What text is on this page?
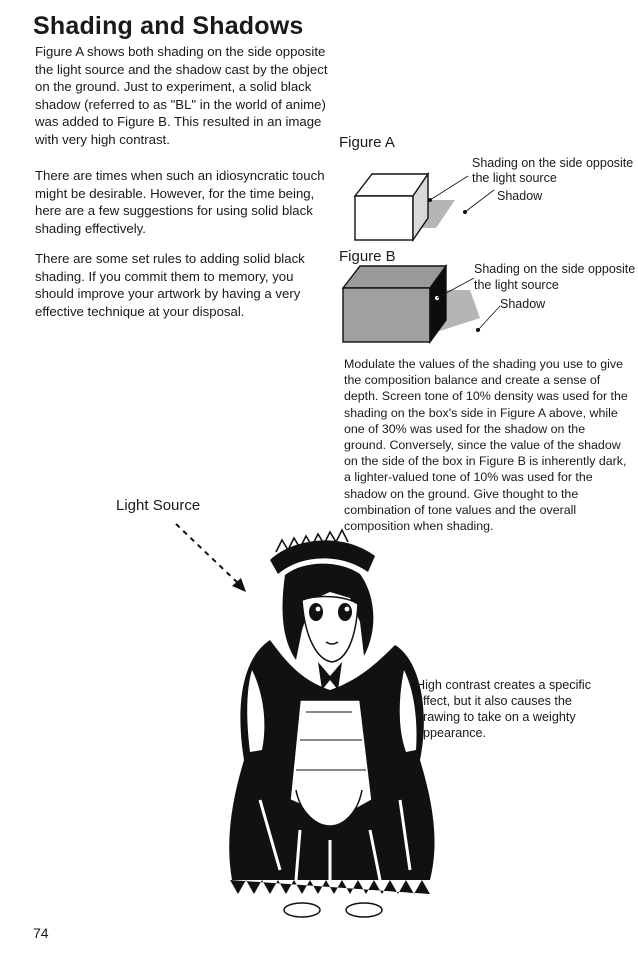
Shading and Shadows
Figure A shows both shading on the side opposite the light source and the shadow cast by the object on the ground. Just to experiment, a solid black shadow (referred to as "BL" in the world of anime) was added to Figure B. This resulted in an image with very high contrast.
There are times when such an idiosyncratic touch might be desirable. However, for the time being, here are a few suggestions for using solid black shading effectively.
There are some set rules to adding solid black shading. If you commit them to memory, you should improve your artwork by having a very effective technique at your disposal.
Figure A
Shading on the side opposite
the light source
Shadow
Figure B
Shading on the side opposite
the light source
Shadow
Modulate the values of the shading you use to give the composition balance and create a sense of depth. Screen tone of 10% density was used for the shading on the box's side in Figure A above, while one of 30% was used for the shadow on the ground. Conversely, since the value of the shadow on the side of the box in Figure B is inherently dark, a lighter-valued tone of 10% was used for the shadow on the ground. Give thought to the combination of tone values and the overall composition when shading.
Light Source
High contrast creates a specific effect, but it also causes the drawing to take on a weighty appearance.
74
